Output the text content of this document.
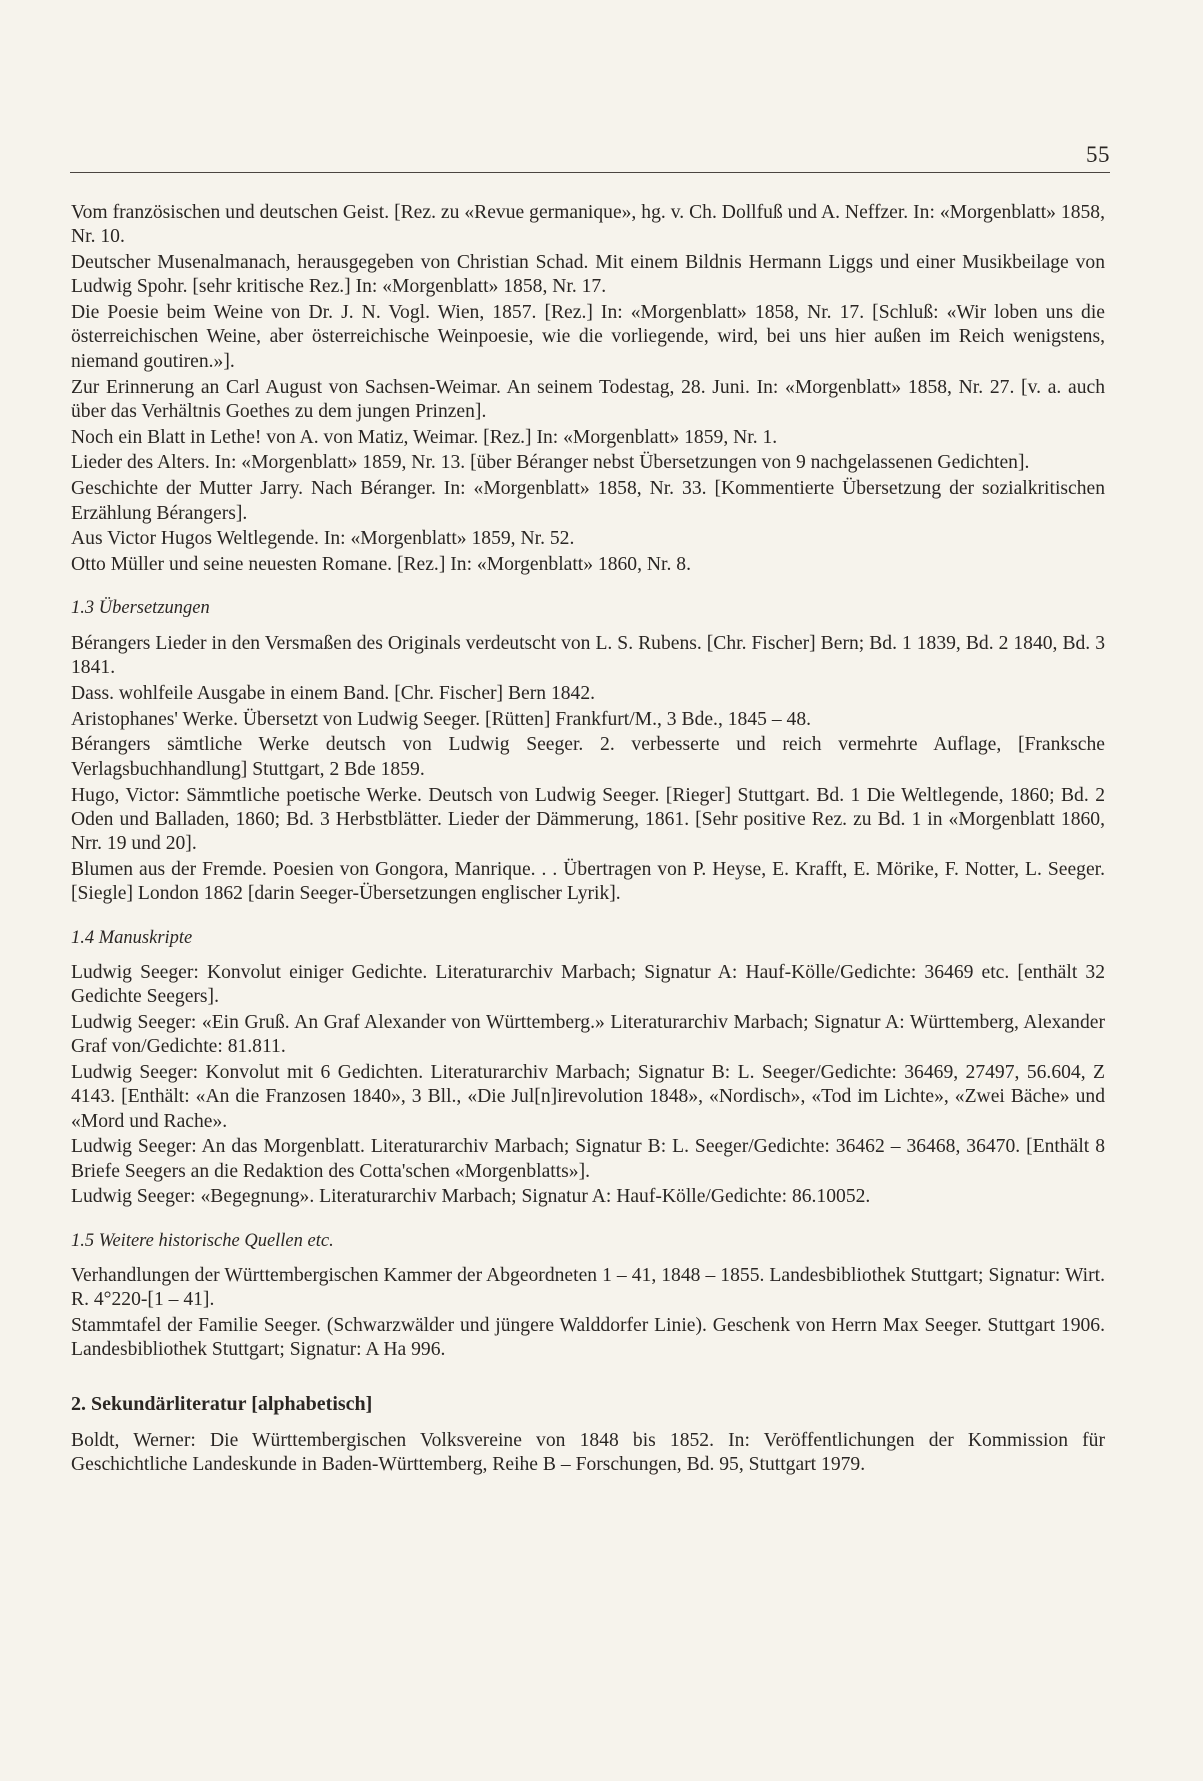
55

Vom französischen und deutschen Geist. [Rez. zu «Revue germanique», hg. v. Ch. Dollfuß und A. Neffzer. In: «Morgenblatt» 1858, Nr. 10.

Deutscher Musenalmanach, herausgegeben von Christian Schad. Mit einem Bildnis Hermann Liggs und einer Musikbeilage von Ludwig Spohr. [sehr kritische Rez.] In: «Morgenblatt» 1858, Nr. 17.

Die Poesie beim Weine von Dr. J. N. Vogl. Wien, 1857. [Rez.] In: «Morgenblatt» 1858, Nr. 17. [Schluß: «Wir loben uns die österreichischen Weine, aber österreichische Weinpoesie, wie die vorliegende, wird, bei uns hier außen im Reich wenigstens, niemand goutiren.»].

Zur Erinnerung an Carl August von Sachsen-Weimar. An seinem Todestag, 28. Juni. In: «Morgenblatt» 1858, Nr. 27. [v. a. auch über das Verhältnis Goethes zu dem jungen Prinzen].

Noch ein Blatt in Lethe! von A. von Matiz, Weimar. [Rez.] In: «Morgenblatt» 1859, Nr. 1.

Lieder des Alters. In: «Morgenblatt» 1859, Nr. 13. [über Béranger nebst Übersetzungen von 9 nachgelassenen Gedichten].

Geschichte der Mutter Jarry. Nach Béranger. In: «Morgenblatt» 1858, Nr. 33. [Kommentierte Übersetzung der sozialkritischen Erzählung Bérangers].

Aus Victor Hugos Weltlegende. In: «Morgenblatt» 1859, Nr. 52.

Otto Müller und seine neuesten Romane. [Rez.] In: «Morgenblatt» 1860, Nr. 8.

1.3 Übersetzungen

Bérangers Lieder in den Versmaßen des Originals verdeutscht von L. S. Rubens. [Chr. Fischer] Bern; Bd. 1 1839, Bd. 2 1840, Bd. 3 1841.

Dass. wohlfeile Ausgabe in einem Band. [Chr. Fischer] Bern 1842.

Aristophanes' Werke. Übersetzt von Ludwig Seeger. [Rütten] Frankfurt/M., 3 Bde., 1845 – 48.

Bérangers sämtliche Werke deutsch von Ludwig Seeger. 2. verbesserte und reich vermehrte Auflage, [Franksche Verlagsbuchhandlung] Stuttgart, 2 Bde 1859.

Hugo, Victor: Sämmtliche poetische Werke. Deutsch von Ludwig Seeger. [Rieger] Stuttgart. Bd. 1 Die Weltlegende, 1860; Bd. 2 Oden und Balladen, 1860; Bd. 3 Herbstblätter. Lieder der Dämmerung, 1861. [Sehr positive Rez. zu Bd. 1 in «Morgenblatt 1860, Nrr. 19 und 20].

Blumen aus der Fremde. Poesien von Gongora, Manrique. . . Übertragen von P. Heyse, E. Krafft, E. Mörike, F. Notter, L. Seeger. [Siegle] London 1862 [darin Seeger-Übersetzungen englischer Lyrik].

1.4 Manuskripte

Ludwig Seeger: Konvolut einiger Gedichte. Literaturarchiv Marbach; Signatur A: Hauf-Kölle/Gedichte: 36469 etc. [enthält 32 Gedichte Seegers].

Ludwig Seeger: «Ein Gruß. An Graf Alexander von Württemberg.» Literaturarchiv Marbach; Signatur A: Württemberg, Alexander Graf von/Gedichte: 81.811.

Ludwig Seeger: Konvolut mit 6 Gedichten. Literaturarchiv Marbach; Signatur B: L. Seeger/Gedichte: 36469, 27497, 56.604, Z 4143. [Enthält: «An die Franzosen 1840», 3 Bll., «Die Jul[n]irevolution 1848», «Nordisch», «Tod im Lichte», «Zwei Bäche» und «Mord und Rache».

Ludwig Seeger: An das Morgenblatt. Literaturarchiv Marbach; Signatur B: L. Seeger/Gedichte: 36462 – 36468, 36470. [Enthält 8 Briefe Seegers an die Redaktion des Cotta'schen «Morgenblatts»].

Ludwig Seeger: «Begegnung». Literaturarchiv Marbach; Signatur A: Hauf-Kölle/Gedichte: 86.10052.

1.5 Weitere historische Quellen etc.

Verhandlungen der Württembergischen Kammer der Abgeordneten 1 – 41, 1848 – 1855. Landesbibliothek Stuttgart; Signatur: Wirt. R. 4°220-[1 – 41].

Stammtafel der Familie Seeger. (Schwarzwälder und jüngere Walddorfer Linie). Geschenk von Herrn Max Seeger. Stuttgart 1906. Landesbibliothek Stuttgart; Signatur: A Ha 996.

2. Sekundärliteratur [alphabetisch]

Boldt, Werner: Die Württembergischen Volksvereine von 1848 bis 1852. In: Veröffentlichungen der Kommission für Geschichtliche Landeskunde in Baden-Württemberg, Reihe B – Forschungen, Bd. 95, Stuttgart 1979.
